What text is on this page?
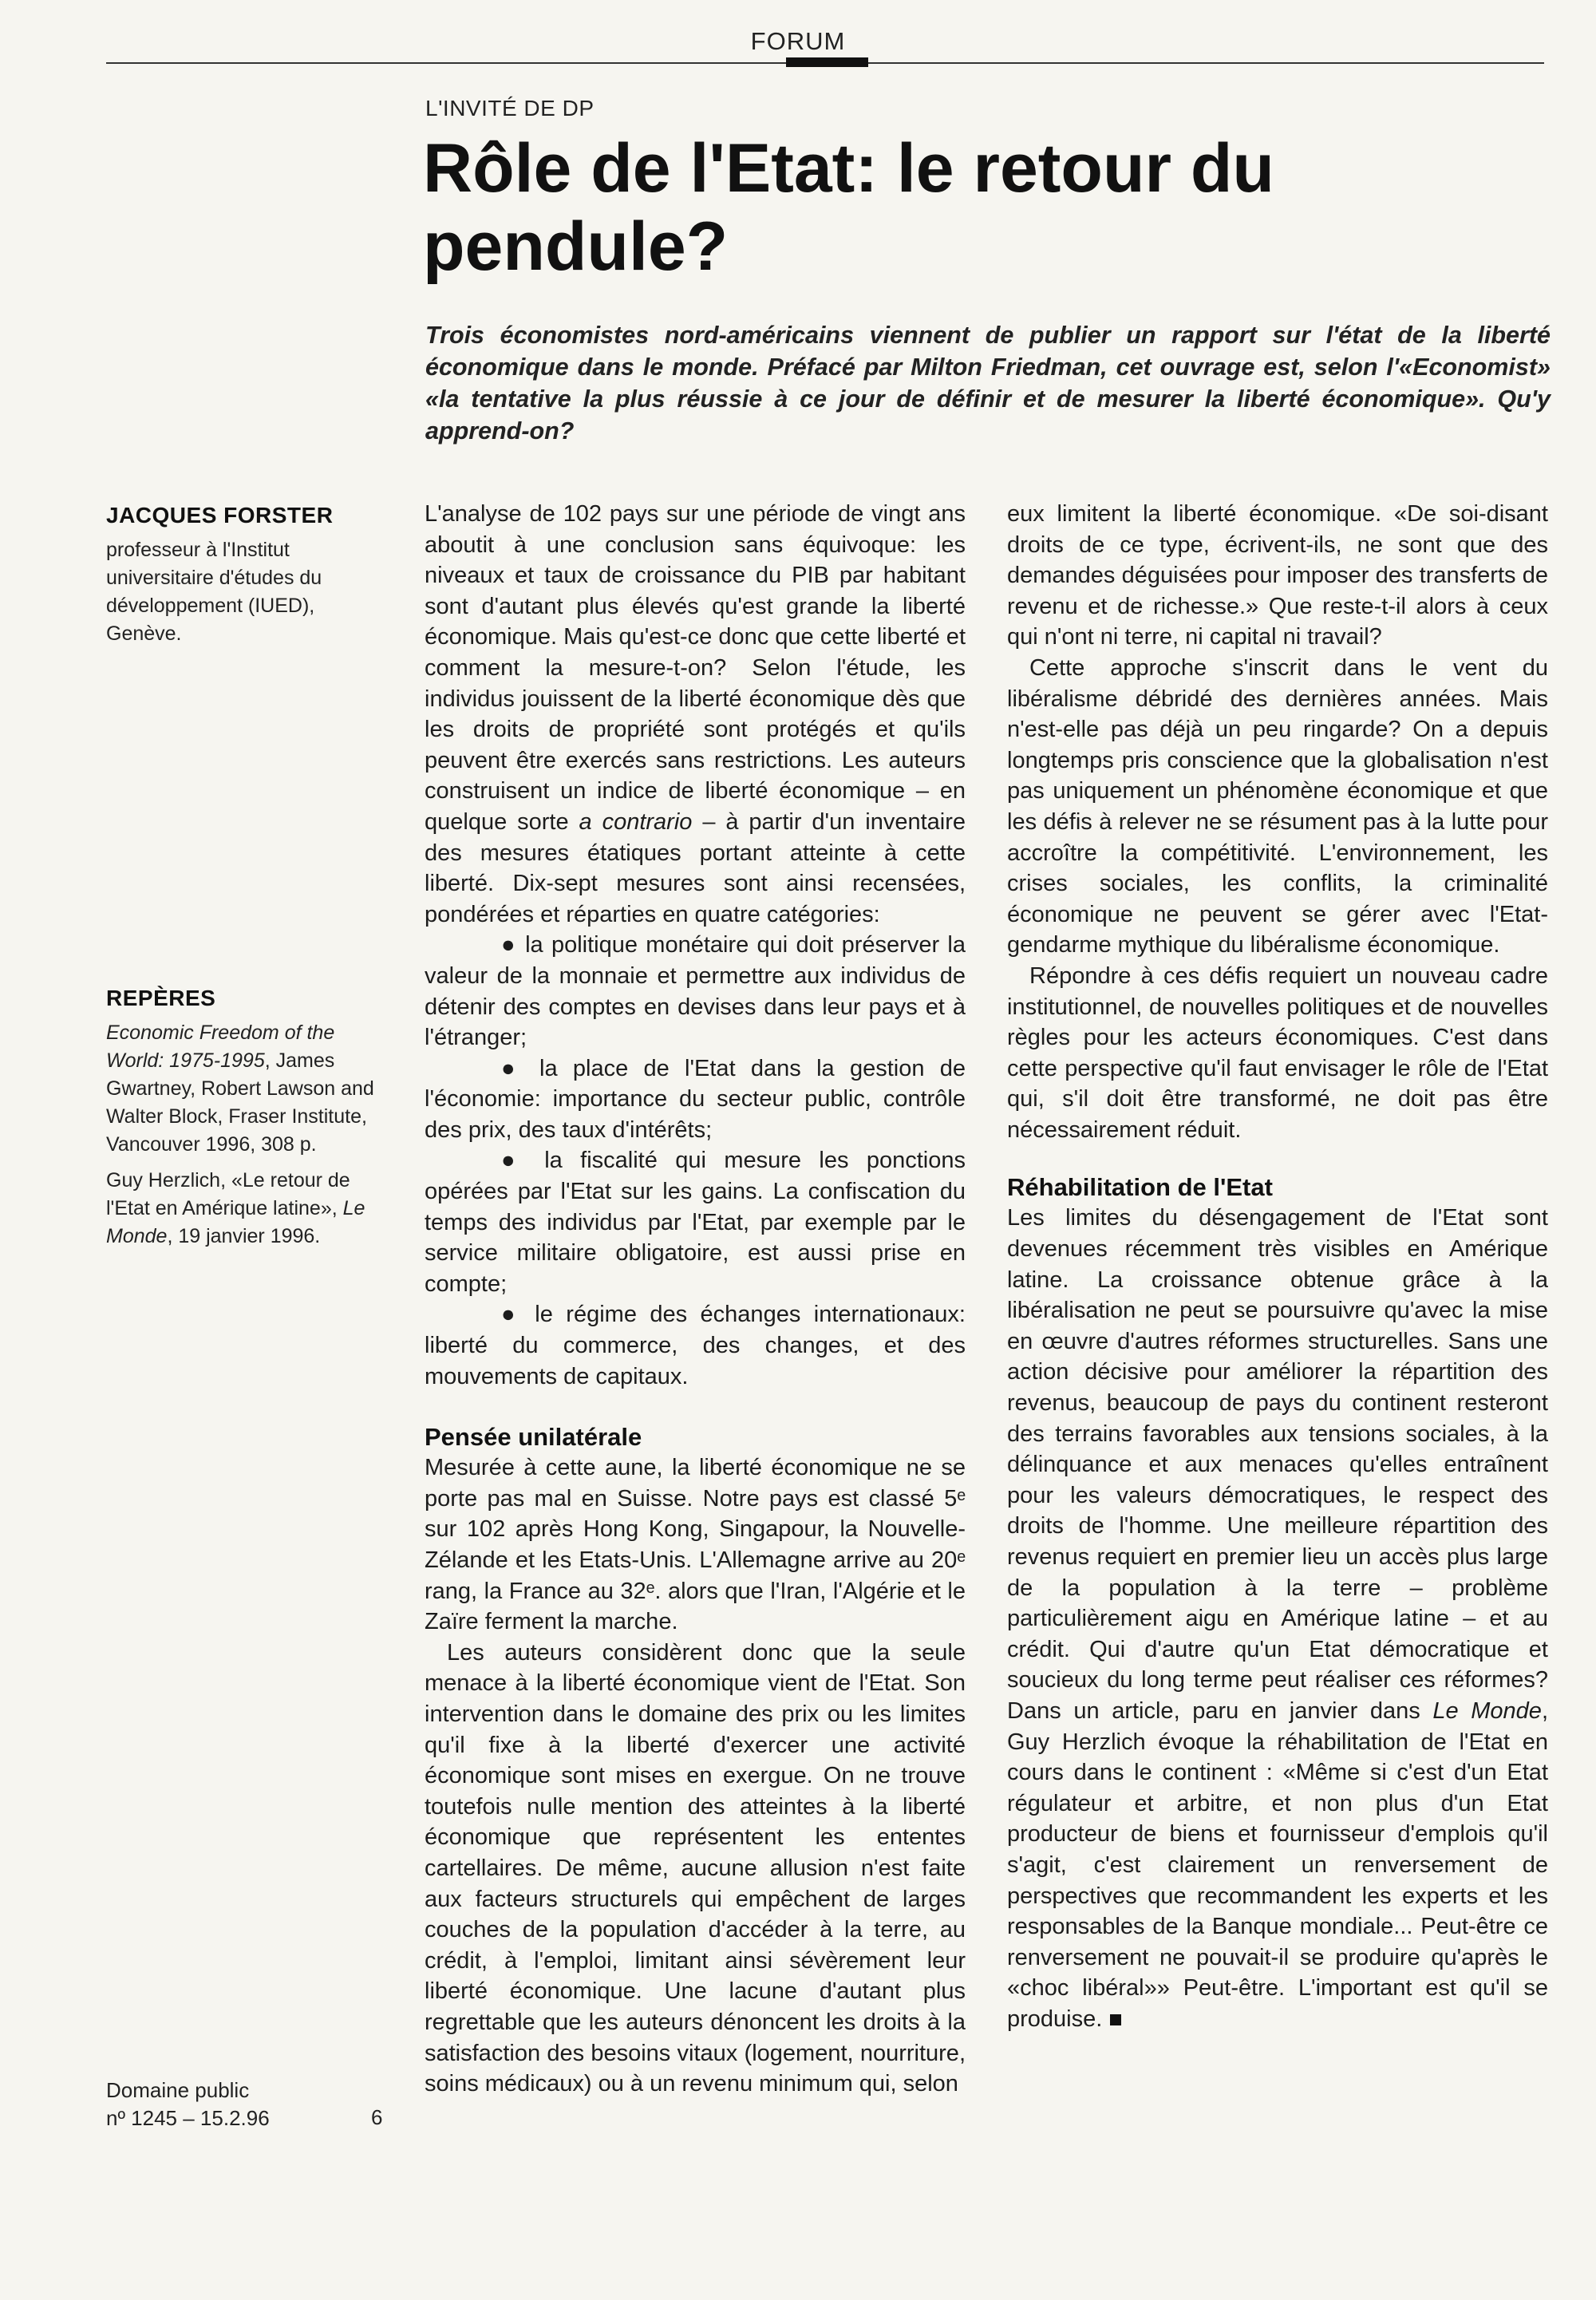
FORUM
L'INVITÉ DE DP
Rôle de l'Etat: le retour du pendule?

Trois économistes nord-américains viennent de publier un rapport sur l'état de la liberté économique dans le monde. Préfacé par Milton Friedman, cet ouvrage est, selon l'«Economist» «la tentative la plus réussie à ce jour de définir et de mesurer la liberté économique». Qu'y apprend-on?

JACQUES FORSTER

professeur à l'Institut universitaire d'études du développement (IUED), Genève.

REPÈRES

Economic Freedom of the World: 1975-1995, James Gwartney, Robert Lawson and Walter Block, Fraser Institute, Vancouver 1996, 308 p.

Guy Herzlich, «Le retour de l'Etat en Amérique latine», Le Monde, 19 janvier 1996.

Domaine public
nº 1245 – 15.2.96	6

L'analyse de 102 pays sur une période de vingt ans aboutit à une conclusion sans équivoque: les niveaux et taux de croissance du PIB par habitant sont d'autant plus élevés qu'est grande la liberté économique. Mais qu'est-ce donc que cette liberté et comment la mesure-t-on? Selon l'étude, les individus jouissent de la liberté économique dès que les droits de propriété sont protégés et qu'ils peuvent être exercés sans restrictions. Les auteurs construisent un indice de liberté économique – en quelque sorte a contrario – à partir d'un inventaire des mesures étatiques portant atteinte à cette liberté. Dix-sept mesures sont ainsi recensées, pondérées et réparties en quatre catégories:

● la politique monétaire qui doit préserver la valeur de la monnaie et permettre aux individus de détenir des comptes en devises dans leur pays et à l'étranger;

● la place de l'Etat dans la gestion de l'économie: importance du secteur public, contrôle des prix, des taux d'intérêts;

● la fiscalité qui mesure les ponctions opérées par l'Etat sur les gains. La confiscation du temps des individus par l'Etat, par exemple par le service militaire obligatoire, est aussi prise en compte;

● le régime des échanges internationaux: liberté du commerce, des changes, et des mouvements de capitaux.

Pensée unilatérale

Mesurée à cette aune, la liberté économique ne se porte pas mal en Suisse. Notre pays est classé 5ᵉ sur 102 après Hong Kong, Singapour, la Nouvelle-Zélande et les Etats-Unis. L'Allemagne arrive au 20ᵉ rang, la France au 32ᵉ. alors que l'Iran, l'Algérie et le Zaïre ferment la marche.

Les auteurs considèrent donc que la seule menace à la liberté économique vient de l'Etat. Son intervention dans le domaine des prix ou les limites qu'il fixe à la liberté d'exercer une activité économique sont mises en exergue. On ne trouve toutefois nulle mention des atteintes à la liberté économique que représentent les ententes cartellaires. De même, aucune allusion n'est faite aux facteurs structurels qui empêchent de larges couches de la population d'accéder à la terre, au crédit, à l'emploi, limitant ainsi sévèrement leur liberté économique. Une lacune d'autant plus regrettable que les auteurs dénoncent les droits à la satisfaction des besoins vitaux (logement, nourriture, soins médicaux) ou à un revenu minimum qui, selon

eux limitent la liberté économique. «De soi-disant droits de ce type, écrivent-ils, ne sont que des demandes déguisées pour imposer des transferts de revenu et de richesse.» Que reste-t-il alors à ceux qui n'ont ni terre, ni capital ni travail?

Cette approche s'inscrit dans le vent du libéralisme débridé des dernières années. Mais n'est-elle pas déjà un peu ringarde? On a depuis longtemps pris conscience que la globalisation n'est pas uniquement un phénomène économique et que les défis à relever ne se résument pas à la lutte pour accroître la compétitivité. L'environnement, les crises sociales, les conflits, la criminalité économique ne peuvent se gérer avec l'Etat-gendarme mythique du libéralisme économique.

Répondre à ces défis requiert un nouveau cadre institutionnel, de nouvelles politiques et de nouvelles règles pour les acteurs économiques. C'est dans cette perspective qu'il faut envisager le rôle de l'Etat qui, s'il doit être transformé, ne doit pas être nécessairement réduit.

Réhabilitation de l'Etat

Les limites du désengagement de l'Etat sont devenues récemment très visibles en Amérique latine. La croissance obtenue grâce à la libéralisation ne peut se poursuivre qu'avec la mise en œuvre d'autres réformes structurelles. Sans une action décisive pour améliorer la répartition des revenus, beaucoup de pays du continent resteront des terrains favorables aux tensions sociales, à la délinquance et aux menaces qu'elles entraînent pour les valeurs démocratiques, le respect des droits de l'homme. Une meilleure répartition des revenus requiert en premier lieu un accès plus large de la population à la terre – problème particulièrement aigu en Amérique latine – et au crédit. Qui d'autre qu'un Etat démocratique et soucieux du long terme peut réaliser ces réformes? Dans un article, paru en janvier dans Le Monde, Guy Herzlich évoque la réhabilitation de l'Etat en cours dans le continent : «Même si c'est d'un Etat régulateur et arbitre, et non plus d'un Etat producteur de biens et fournisseur d'emplois qu'il s'agit, c'est clairement un renversement de perspectives que recommandent les experts et les responsables de la Banque mondiale... Peut-être ce renversement ne pouvait-il se produire qu'après le «choc libéral»» Peut-être. L'important est qu'il se produise.
